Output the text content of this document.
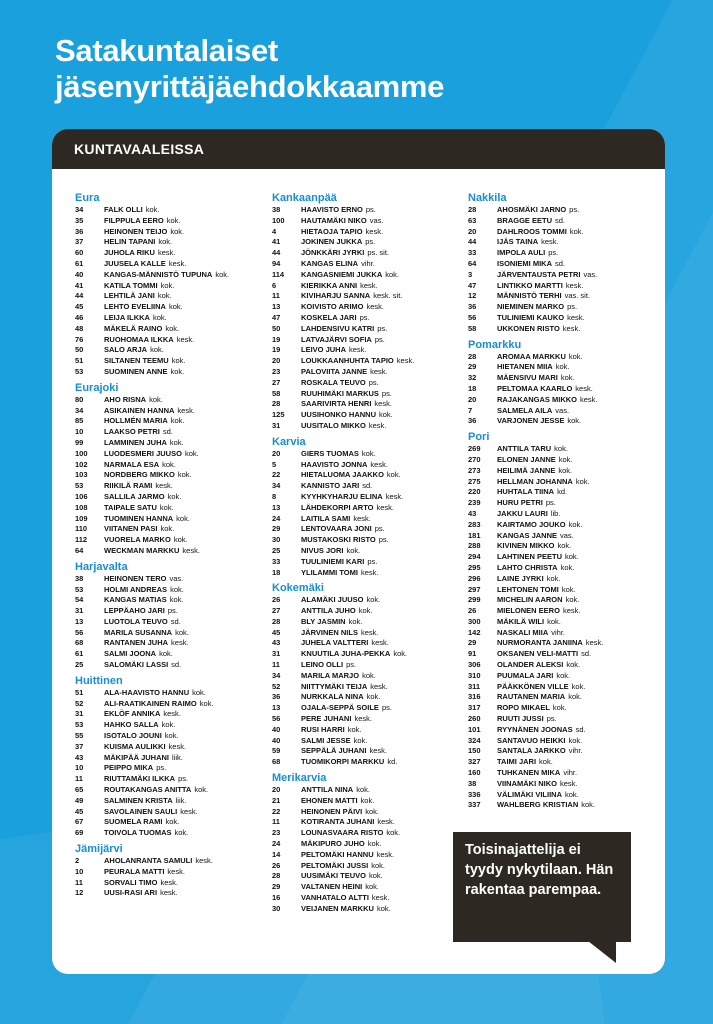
Satakuntalaiset
jäsenyrittäjäehdokkaamme
KUNTAVAALEISSA
Eura
34	FALK OLLI kok.
35	FILPPULA EERO kok.
36	HEINONEN TEIJO kok.
37	HELIN TAPANI kok.
60	JUHOLA RIKU kesk.
61	JUUSELA KALLE kesk.
40	KANGAS-MÄNNISTÖ TUPUNA kok.
41	KATILA TOMMI kok.
44	LEHTILÄ JANI kok.
45	LEHTO EVELIINA kok.
46	LEIJA ILKKA kok.
48	MÄKELÄ RAINO kok.
76	RUOHOMAA ILKKA kesk.
50	SALO ARJA kok.
51	SILTANEN TEEMU kok.
53	SUOMINEN ANNE kok.
Eurajoki
80	AHO RISNA kok.
34	ASIKAINEN HANNA kesk.
85	HOLLMÉN MARIA kok.
10	LAAKSO PETRI sd.
99	LAMMINEN JUHA kok.
100	LUODESMERI JUUSO kok.
102	NARMALA ESA kok.
103	NORDBERG MIKKO kok.
53	RIIKILÄ RAMI kesk.
106	SALLILA JARMO kok.
108	TAIPALE SATU kok.
109	TUOMINEN HANNA kok.
110	VIITANEN PASI kok.
112	VUORELA MARKO kok.
64	WECKMAN MARKKU kesk.
Harjavalta
38	HEINONEN TERO vas.
53	HOLMI ANDREAS kok.
54	KANGAS MATIAS kok.
31	LEPPÄAHO JARI ps.
13	LUOTOLA TEUVO sd.
56	MARILA SUSANNA kok.
68	RANTANEN JUHA kesk.
61	SALMI JOONA kok.
25	SALOMÄKI LASSI sd.
Huittinen
51	ALA-HAAVISTO HANNU kok.
52	ALI-RAATIKAINEN RAIMO kok.
31	EKLÖF ANNIKA kesk.
53	HAHKO SALLA kok.
55	ISOTALO JOUNI kok.
37	KUISMA AULIKKI kesk.
43	MÄKIPÄÄ JUHANI liik.
10	PEIPPO MIKA ps.
11	RIUTTAMÄKI ILKKA ps.
65	ROUTAKANGAS ANITTA kok.
49	SALMINEN KRISTA liik.
45	SAVOLAINEN SAULI kesk.
67	SUOMELA RAMI kok.
69	TOIVOLA TUOMAS kok.
Jämijärvi
2	AHOLANRANTA SAMULI kesk.
10	PEURALA MATTI kesk.
11	SORVALI TIMO kesk.
12	UUSI-RASI ARI kesk.
Kankaanpää
38	HAAVISTO ERNO ps.
100	HAUTAMÄKI NIKO vas.
4	HIETAOJA TAPIO kesk.
41	JOKINEN JUKKA ps.
44	JÖNKKÄRI JYRKI ps. sit.
94	KANGAS ELINA vihr.
114	KANGASNIEMI JUKKA kok.
6	KIERIKKA ANNI kesk.
11	KIVIHARJU SANNA kesk. sit.
13	KOIVISTO ARIMO kesk.
47	KOSKELA JARI ps.
50	LAHDENSIVU KATRI ps.
19	LATVAJÄRVI SOFIA ps.
19	LEIVO JUHA kesk.
20	LOUKKAANHUHTA TAPIO kesk.
23	PALOVIITA JANNE kesk.
27	ROSKALA TEUVO ps.
58	RUUHIMÄKI MARKUS ps.
28	SAARIVIRTA HENRI kesk.
125	UUSIHONKO HANNU kok.
31	UUSITALO MIKKO kesk.
Karvia
20	GIERS TUOMAS kok.
5	HAAVISTO JONNA kesk.
22	HIETALUOMA JAAKKO kok.
34	KANNISTO JARI sd.
8	KYYHKYHARJU ELINA kesk.
13	LÄHDEKORPI ARTO kesk.
24	LAITILA SAMI kesk.
29	LENTOVAARA JONI ps.
30	MUSTAKOSKI RISTO ps.
25	NIVUS JORI kok.
33	TUULINIEMI KARI ps.
18	YLILAMMI TOMI kesk.
Kokemäki
26	ALAMÄKI JUUSO kok.
27	ANTTILA JUHO kok.
28	BLY JASMIN kok.
45	JÄRVINEN NILS kesk.
43	JUHELA VALTTERI kesk.
31	KNUUTILA JUHA-PEKKA kok.
11	LEINO OLLI ps.
34	MARILA MARJO kok.
52	NIITTYMÄKI TEIJA kesk.
36	NURKKALA NINA kok.
13	OJALA-SEPPÄ SOILE ps.
56	PERE JUHANI kesk.
40	RUSI HARRI kok.
40	SALMI JESSE kok.
59	SEPPÄLÄ JUHANI kesk.
68	TUOMIKORPI MARKKU kd.
Merikarvia
20	ANTTILA NINA kok.
21	EHONEN MATTI kok.
22	HEINONEN PÄIVI kok.
11	KOTIRANTA JUHANI kesk.
23	LOUNASVAARA RISTO kok.
24	MÄKIPURO JUHO kok.
14	PELTOMÄKI HANNU kesk.
26	PELTOMÄKI JUSSI kok.
28	UUSIMÄKI TEUVO kok.
29	VALTANEN HEINI kok.
16	VANHATALO ALTTI kesk.
30	VEIJANEN MARKKU kok.
Nakkila
28	AHOSMÄKI JARNO ps.
63	BRAGGE EETU sd.
20	DAHLROOS TOMMI kok.
44	IJÄS TAINA kesk.
33	IMPOLA AULI ps.
64	ISONIEMI MIKA sd.
3	JÄRVENTAUSTA PETRI vas.
47	LINTIKKO MARTTI kesk.
12	MÄNNISTÖ TERHI vas. sit.
36	NIEMINEN MARKO ps.
56	TULINIEMI KAUKO kesk.
58	UKKONEN RISTO kesk.
Pomarkku
28	AROMAA MARKKU kok.
29	HIETANEN MIIA kok.
32	MÄENSIVU MARI kok.
18	PELTOMAA KAARLO kesk.
20	RAJAKANGAS MIKKO kesk.
7	SALMELA AILA vas.
36	VARJONEN JESSE kok.
Pori
269	ANTTILA TARU kok.
270	ELONEN JANNE kok.
273	HEILIMÄ JANNE kok.
275	HELLMAN JOHANNA kok.
220	HUHTALA TIINA kd.
239	HURU PETRI ps.
43	JAKKU LAURI lib.
283	KAIRTAMO JOUKO kok.
181	KANGAS JANNE vas.
288	KIVINEN MIKKO kok.
294	LAHTINEN PEETU kok.
295	LAHTO CHRISTA kok.
296	LAINE JYRKI kok.
297	LEHTONEN TOMI kok.
299	MICHELIN AARON kok.
26	MIELONEN EERO kesk.
300	MÄKILÄ WILI kok.
142	NASKALI MIIA vihr.
29	NURMORANTA JANIINA kesk.
91	OKSANEN VELI-MATTI sd.
306	OLANDER ALEKSI kok.
310	PUUMALA JARI kok.
311	PÄÄKKÖNEN VILLE kok.
316	RAUTANEN MARIA kok.
317	ROPO MIKAEL kok.
260	RUUTI JUSSI ps.
101	RYYNÄNEN JOONAS sd.
324	SANTAVUO HEIKKI kok.
150	SANTALA JARKKO vihr.
327	TAIMI JARI kok.
160	TUHKANEN MIKA vihr.
38	VIINAMÄKI NIKO kesk.
336	VÄLIMÄKI VILIINA kok.
337	WAHLBERG KRISTIAN kok.
Toisinajattelija ei tyydy nykytilaan. Hän rakentaa parempaa.
